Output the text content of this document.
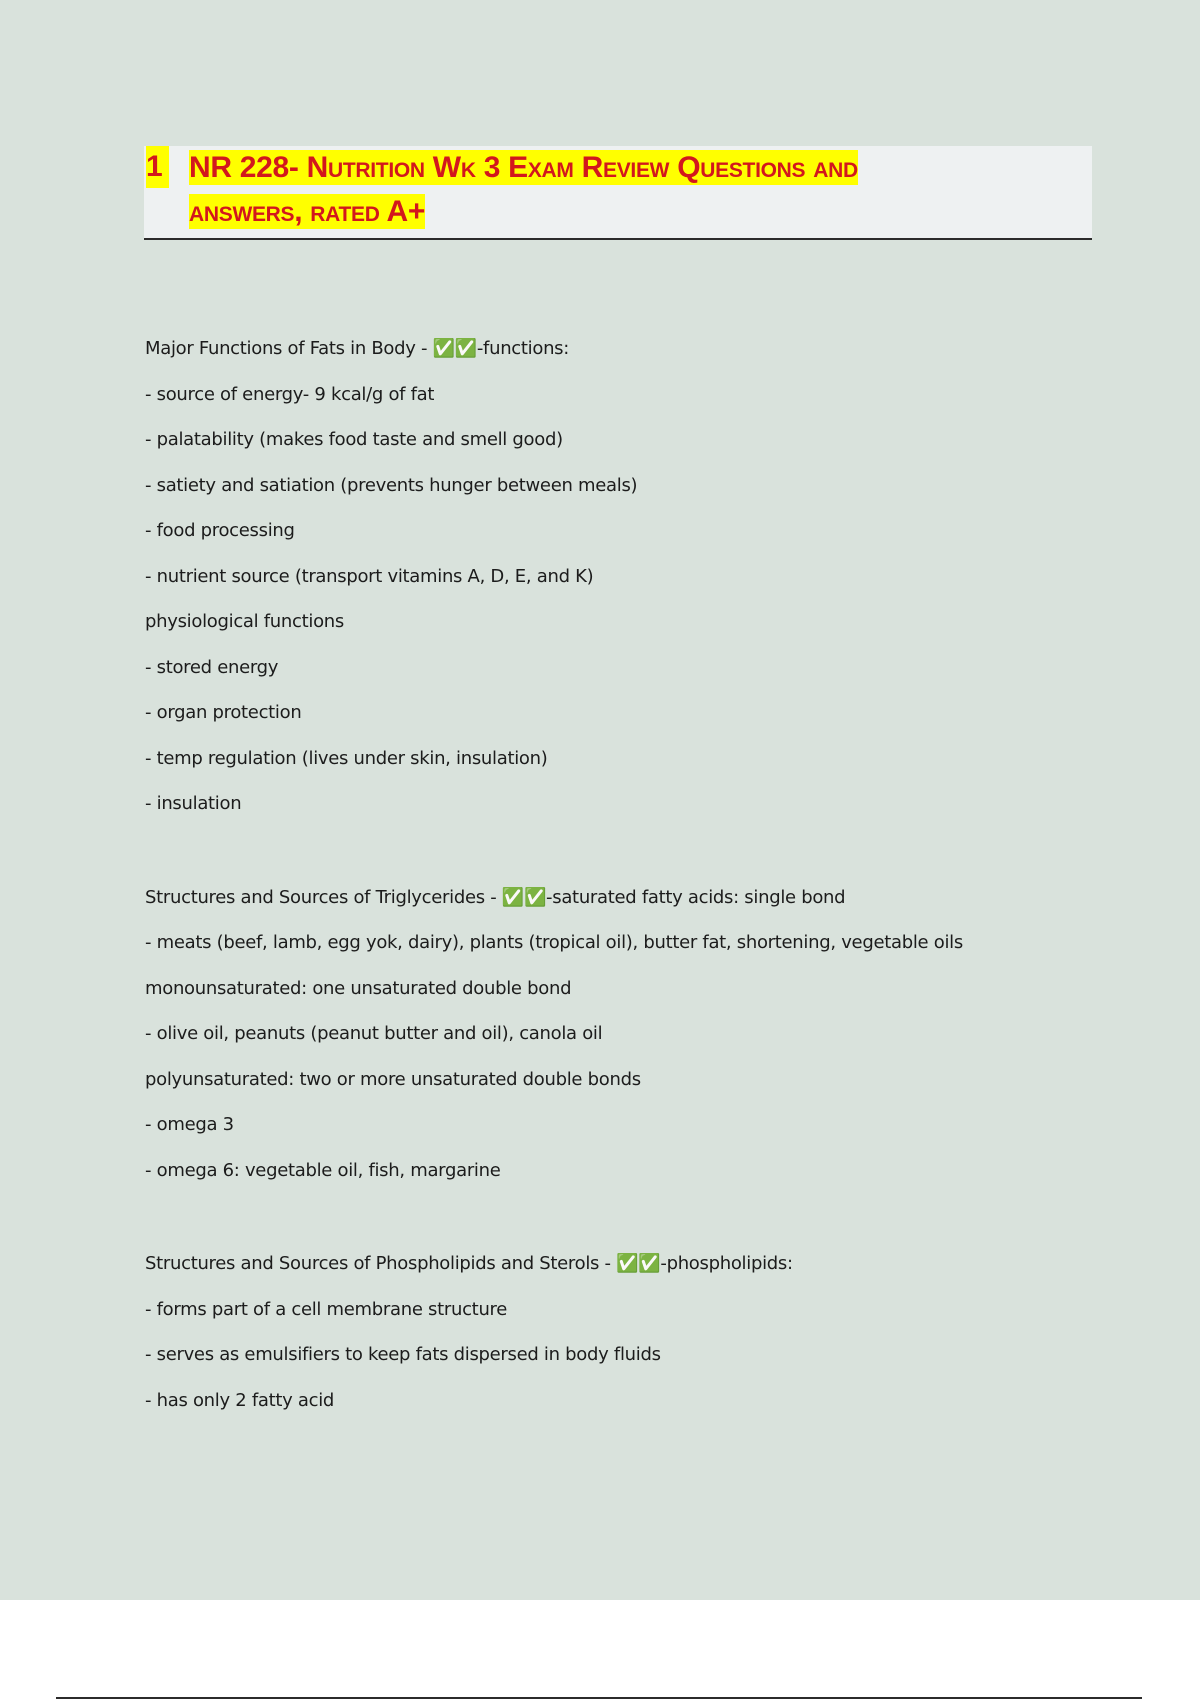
1 NR 228- Nutrition Wk 3 Exam Review Questions and
answers, rated A+
Major Functions of Fats in Body - ✅✅-functions:
- source of energy- 9 kcal/g of fat
- palatability (makes food taste and smell good)
- satiety and satiation (prevents hunger between meals)
- food processing
- nutrient source (transport vitamins A, D, E, and K)
physiological functions
- stored energy
- organ protection
- temp regulation (lives under skin, insulation)
- insulation
Structures and Sources of Triglycerides - ✅✅-saturated fatty acids: single bond
- meats (beef, lamb, egg yok, dairy), plants (tropical oil), butter fat, shortening, vegetable oils
monounsaturated: one unsaturated double bond
- olive oil, peanuts (peanut butter and oil), canola oil
polyunsaturated: two or more unsaturated double bonds
- omega 3
- omega 6: vegetable oil, fish, margarine
Structures and Sources of Phospholipids and Sterols - ✅✅-phospholipids:
- forms part of a cell membrane structure
- serves as emulsifiers to keep fats dispersed in body fluids
- has only 2 fatty acid
